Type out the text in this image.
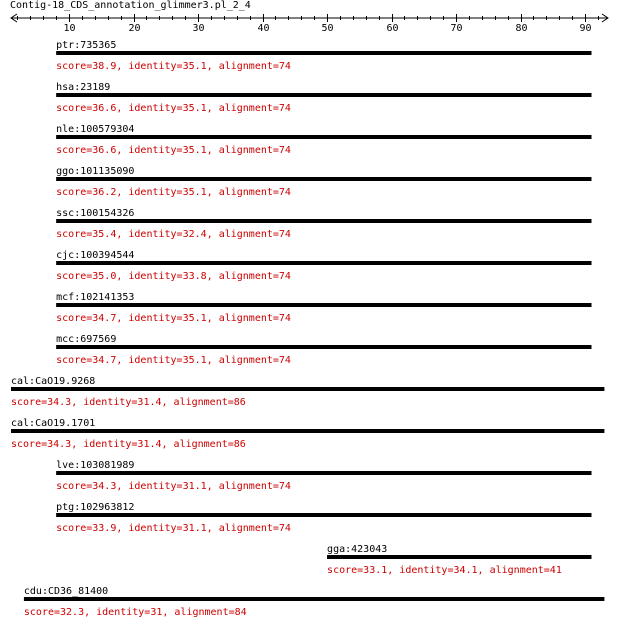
Contig-18_CDS_annotation_glimmer3.pl_2_4
10	20	30	40	50	60	70	80	90
ptr:735365
score=38.9, identity=35.1, alignment=74
hsa:23189
score=36.6, identity=35.1, alignment=74
nle:100579304
score=36.6, identity=35.1, alignment=74
ggo:101135090
score=36.2, identity=35.1, alignment=74
ssc:100154326
score=35.4, identity=32.4, alignment=74
cjc:100394544
score=35.0, identity=33.8, alignment=74
mcf:102141353
score=34.7, identity=35.1, alignment=74
mcc:697569
score=34.7, identity=35.1, alignment=74
cal:CaO19.9268
score=34.3, identity=31.4, alignment=86
cal:CaO19.1701
score=34.3, identity=31.4, alignment=86
lve:103081989
score=34.3, identity=31.1, alignment=74
ptg:102963812
score=33.9, identity=31.1, alignment=74
gga:423043
score=33.1, identity=34.1, alignment=41
cdu:CD36_81400
score=32.3, identity=31, alignment=84
